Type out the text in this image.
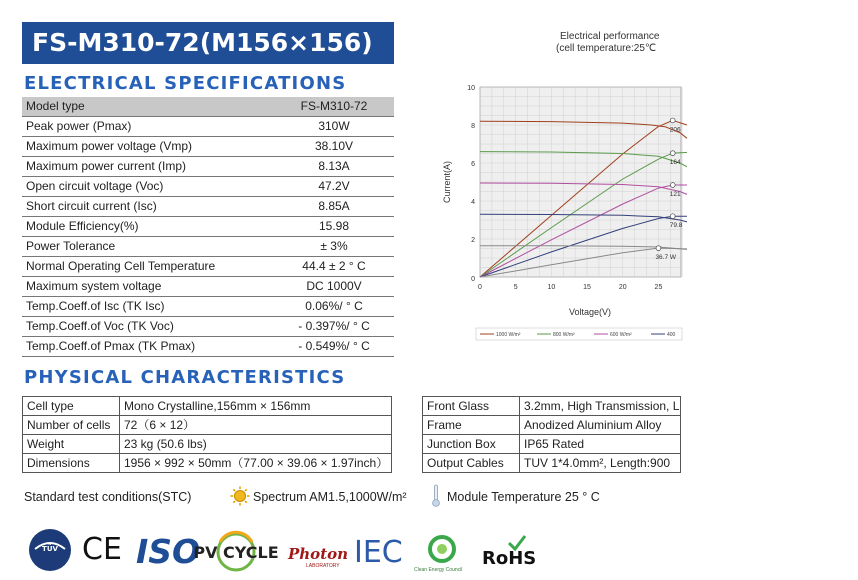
FS-M310-72(M156×156)
ELECTRICAL SPECIFICATIONS
Model type	FS-M310-72
Peak power (Pmax)	310W
Maximum power voltage (Vmp)	38.10V
Maximum power current (Imp)	8.13A
Open circuit voltage (Voc)	47.2V
Short circuit current (Isc)	8.85A
Module Efficiency(%)	15.98
Power Tolerance	± 3%
Normal Operating Cell Temperature	44.4 ± 2 ° C
Maximum system voltage	DC 1000V
Temp.Coeff.of Isc (TK Isc)	0.06%/ ° C
Temp.Coeff.of Voc (TK Voc)	- 0.397%/ ° C
Temp.Coeff.of Pmax (TK Pmax)	- 0.549%/ ° C
PHYSICAL CHARACTERISTICS
Cell type	Mono Crystalline,156mm × 156mm
Number of cells	72（6 × 12）
Weight	23 kg (50.6 lbs)
Dimensions	1956 × 992 × 50mm（77.00 × 39.06 × 1.97inch）
Front Glass	3.2mm, High Transmission, L
Frame	Anodized Aluminium Alloy
Junction Box	IP65 Rated
Output Cables	TUV 1*4.0mm², Length:900
Standard test conditions(STC)	Spectrum AM1.5,1000W/m²	Module Temperature 25 ° C
Electrical performance
(cell temperature:25℃
2
4
6
8
10
0
0	5	10	15	20	25
Current(A)
Voltage(V)
206
164
121
79.8
36.7 W
1000 W/m²	800 W/m²	600 W/m²	400
TÜV CE ISO
PV CYCLE Photon
LABORATORY IEC Clean Energy Council
RoHS
